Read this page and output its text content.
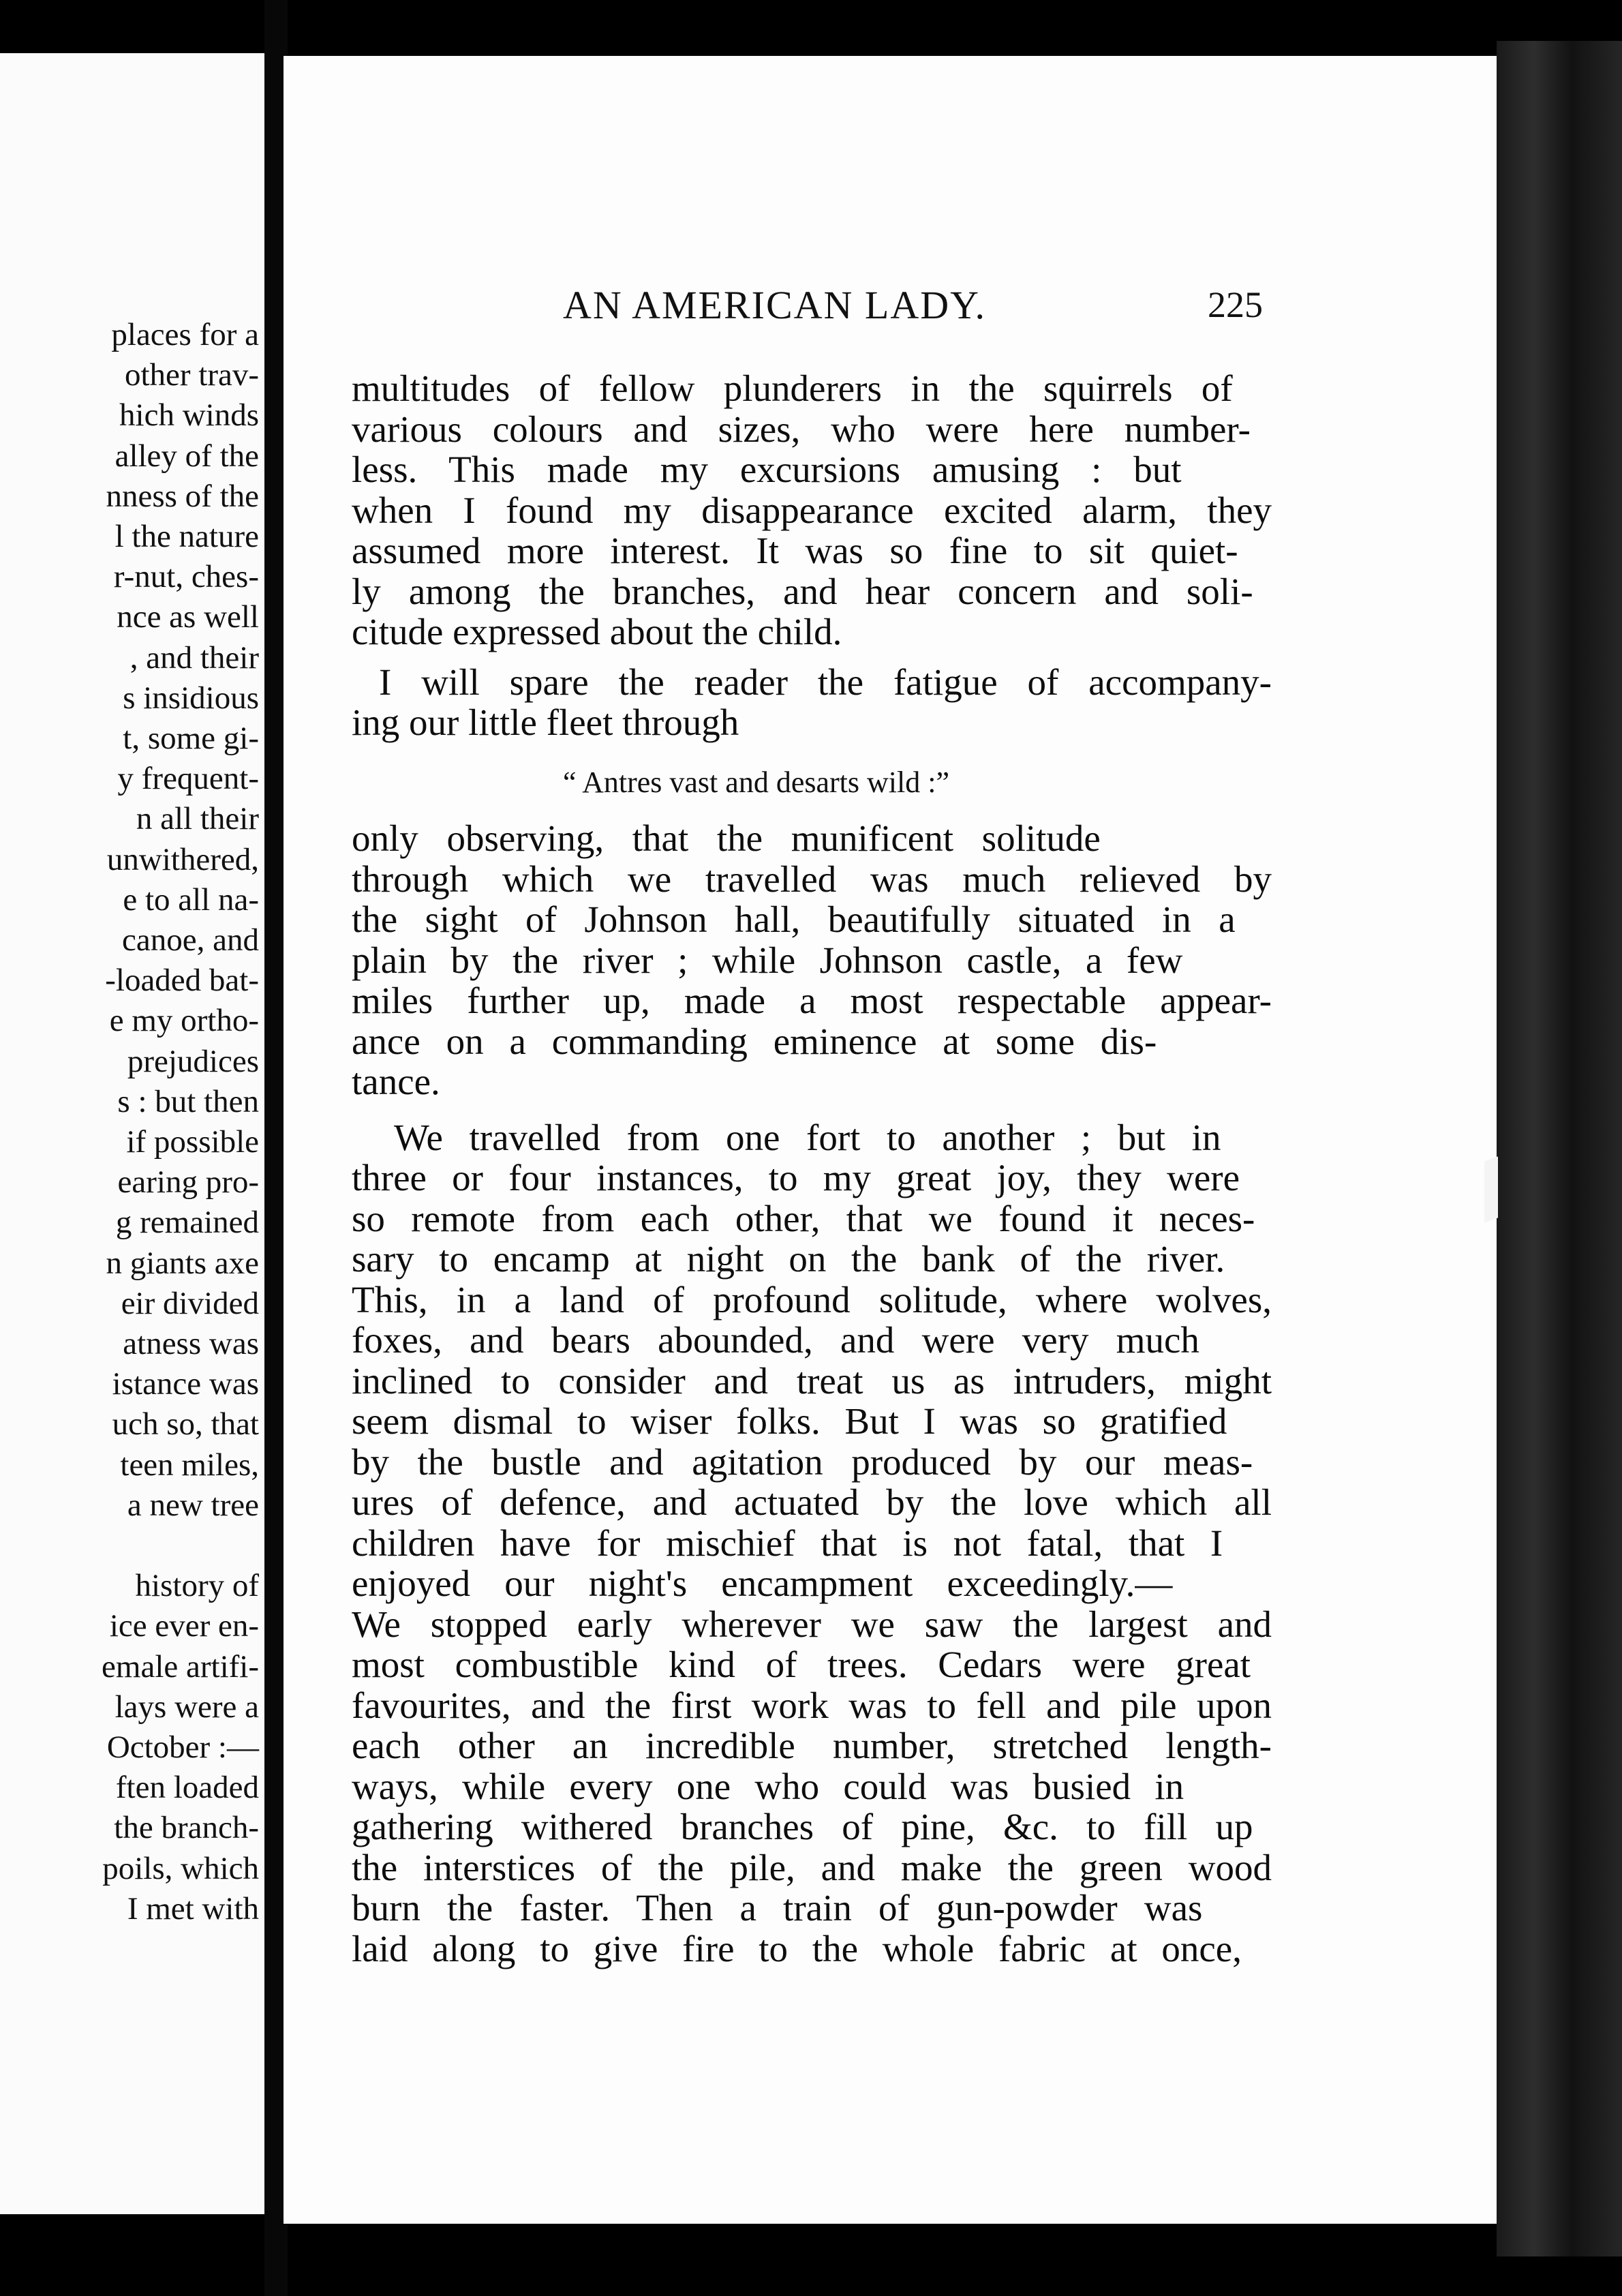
places for a
other trav-
hich winds
alley of the
nness of the
l the nature
r-nut, ches-
nce as well
, and their
s insidious
t, some gi-
y frequent-
n all their
unwithered,
e to all na-
canoe, and
-loaded bat-
e my ortho-
prejudices
s : but then
if possible
earing pro-
g remained
n giants axe
eir divided
atness was
istance was
uch so, that
teen miles,
a new tree
history of
ice ever en-
emale artifi-
lays were a
October :—
ften loaded
the branch-
poils, which
I met with
AN AMERICAN LADY.	225
“ Antres vast and desarts wild :”
multitudes of fellow plunderers in the squirrels of
various colours and sizes, who were here number-
less. This made my excursions amusing : but
when I found my disappearance excited alarm, they
assumed more interest. It was so fine to sit quiet-
ly among the branches, and hear concern and soli-
citude expressed about the child.
I will spare the reader the fatigue of accompany-
ing our little fleet through
only observing, that the munificent solitude
through which we travelled was much relieved by
the sight of Johnson hall, beautifully situated in a
plain by the river ; while Johnson castle, a few
miles further up, made a most respectable appear-
ance on a commanding eminence at some dis-
tance.
We travelled from one fort to another ; but in
three or four instances, to my great joy, they were
so remote from each other, that we found it neces-
sary to encamp at night on the bank of the river.
This, in a land of profound solitude, where wolves,
foxes, and bears abounded, and were very much
inclined to consider and treat us as intruders, might
seem dismal to wiser folks. But I was so gratified
by the bustle and agitation produced by our meas-
ures of defence, and actuated by the love which all
children have for mischief that is not fatal, that I
enjoyed our night's encampment exceedingly.—
We stopped early wherever we saw the largest and
most combustible kind of trees. Cedars were great
favourites, and the first work was to fell and pile upon
each other an incredible number, stretched length-
ways, while every one who could was busied in
gathering withered branches of pine, &c. to fill up
the interstices of the pile, and make the green wood
burn the faster. Then a train of gun-powder was
laid along to give fire to the whole fabric at once,
